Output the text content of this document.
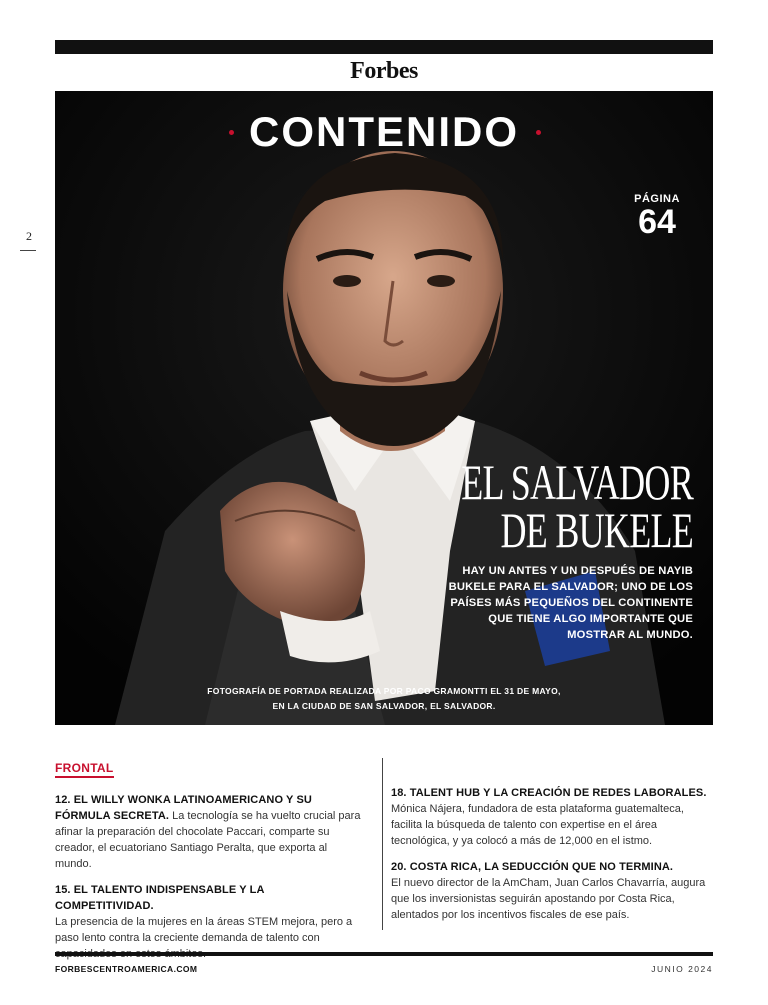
Forbes
2
CONTENIDO
PÁGINA
64
EL SALVADOR
DE BUKELE
HAY UN ANTES Y UN DESPUÉS DE NAYIB BUKELE PARA EL SALVADOR; UNO DE LOS PAÍSES MÁS PEQUEÑOS DEL CONTINENTE QUE TIENE ALGO IMPORTANTE QUE MOSTRAR AL MUNDO.
FOTOGRAFÍA DE PORTADA REALIZADA POR PACO GRAMONTTI EL 31 DE MAYO,
EN LA CIUDAD DE SAN SALVADOR, EL SALVADOR.
FRONTAL
12. EL WILLY WONKA LATINOAMERICANO Y SU FÓRMULA SECRETA. La tecnología se ha vuelto crucial para afinar la preparación del chocolate Paccari, comparte su creador, el ecuatoriano Santiago Peralta, que exporta al mundo.
15. EL TALENTO INDISPENSABLE Y LA COMPETITIVIDAD.
La presencia de la mujeres en la áreas STEM mejora, pero a paso lento contra la creciente demanda de talento con
18. TALENT HUB Y LA CREACIÓN DE REDES LABORALES.
Mónica Nájera, fundadora de esta plataforma guatemalteca, facilita la búsqueda de talento con expertise en el área tecnológica, y ya colocó a más de 12,000 en el istmo.
20. COSTA RICA, LA SEDUCCIÓN QUE NO TERMINA.
El nuevo director de la AmCham, Juan Carlos Chavarría, augura que los inversionistas seguirán apostando por Costa Rica, alentados por los incentivos fiscales de ese país.
FORBESCENTROAMERICA.COM	JUNIO 2024
